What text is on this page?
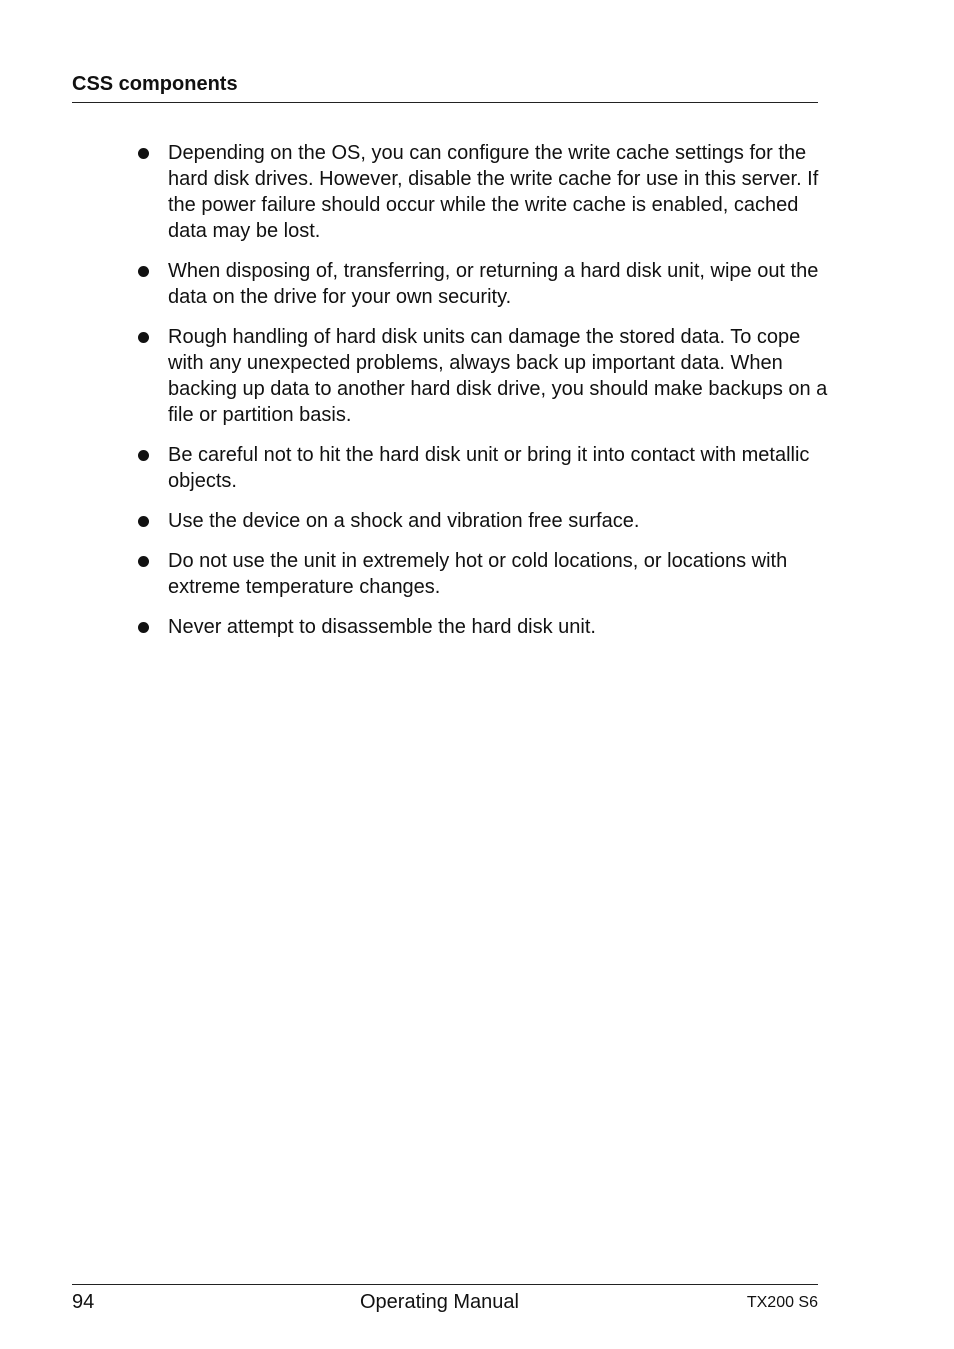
CSS components
Depending on the OS, you can configure the write cache settings for the hard disk drives. However, disable the write cache for use in this server. If the power failure should occur while the write cache is enabled, cached data may be lost.
When disposing of, transferring, or returning a hard disk unit, wipe out the data on the drive for your own security.
Rough handling of hard disk units can damage the stored data. To cope with any unexpected problems, always back up important data. When backing up data to another hard disk drive, you should make backups on a file or partition basis.
Be careful not to hit the hard disk unit or bring it into contact with metallic objects.
Use the device on a shock and vibration free surface.
Do not use the unit in extremely hot or cold locations, or locations with extreme temperature changes.
Never attempt to disassemble the hard disk unit.
94	Operating Manual	TX200 S6
